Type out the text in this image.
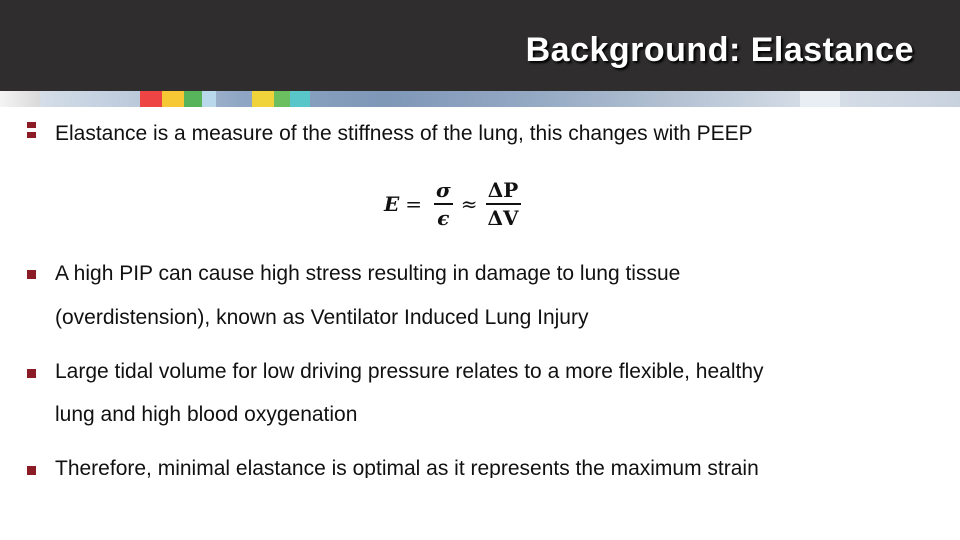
Background: Elastance
Elastance is a measure of the stiffness of the lung, this changes with PEEP
$E = \frac{\sigma}{\epsilon} \approx \frac{\Delta P}{\Delta V}$
A high PIP can cause high stress resulting in damage to lung tissue
(overdistension), known as Ventilator Induced Lung Injury
Large tidal volume for low driving pressure relates to a more flexible, healthy
lung and high blood oxygenation
Therefore, minimal elastance is optimal as it represents the maximum strain
